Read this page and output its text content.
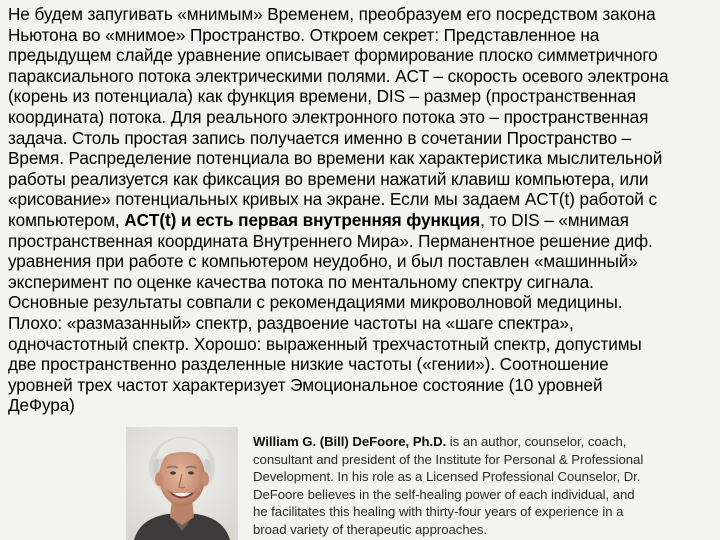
Не будем запугивать «мнимым» Временем, преобразуем его посредством закона
Ньютона во «мнимое» Пространство. Откроем секрет: Представленное на
предыдущем слайде уравнение описывает формирование плоско симметричного
параксиального потока электрическими полями. ACT – скорость осевого электрона
(корень из потенциала) как функция времени, DIS – размер (пространственная
координата) потока. Для реального электронного потока это – пространственная
задача. Столь простая запись получается именно в сочетании Пространство –
Время. Распределение потенциала во времени как характеристика мыслительной
работы реализуется как фиксация во времени нажатий клавиш компьютера, или
«рисование» потенциальных кривых на экране. Если мы задаем ACT(t) работой с
компьютером, ACT(t) и есть первая внутренняя функция, то DIS – «мнимая
пространственная координата Внутреннего Мира». Перманентное решение диф.
уравнения при работе с компьютером неудобно, и был поставлен «машинный»
эксперимент по оценке качества потока по ментальному спектру сигнала.
Основные результаты совпали с рекомендациями микроволновой медицины.
Плохо: «размазанный» спектр, раздвоение частоты на «шаге спектра»,
одночастотный спектр. Хорошо: выраженный трехчастотный спектр, допустимы
две пространственно разделенные низкие частоты («гении»). Соотношение
уровней трех частот характеризует Эмоциональное состояние (10 уровней
ДеФура)
William G. (Bill) DeFoore, Ph.D. is an author, counselor, coach,
consultant and president of the Institute for Personal & Professional
Development. In his role as a Licensed Professional Counselor, Dr.
DeFoore believes in the self-healing power of each individual, and
he facilitates this healing with thirty-four years of experience in a
broad variety of therapeutic approaches.
